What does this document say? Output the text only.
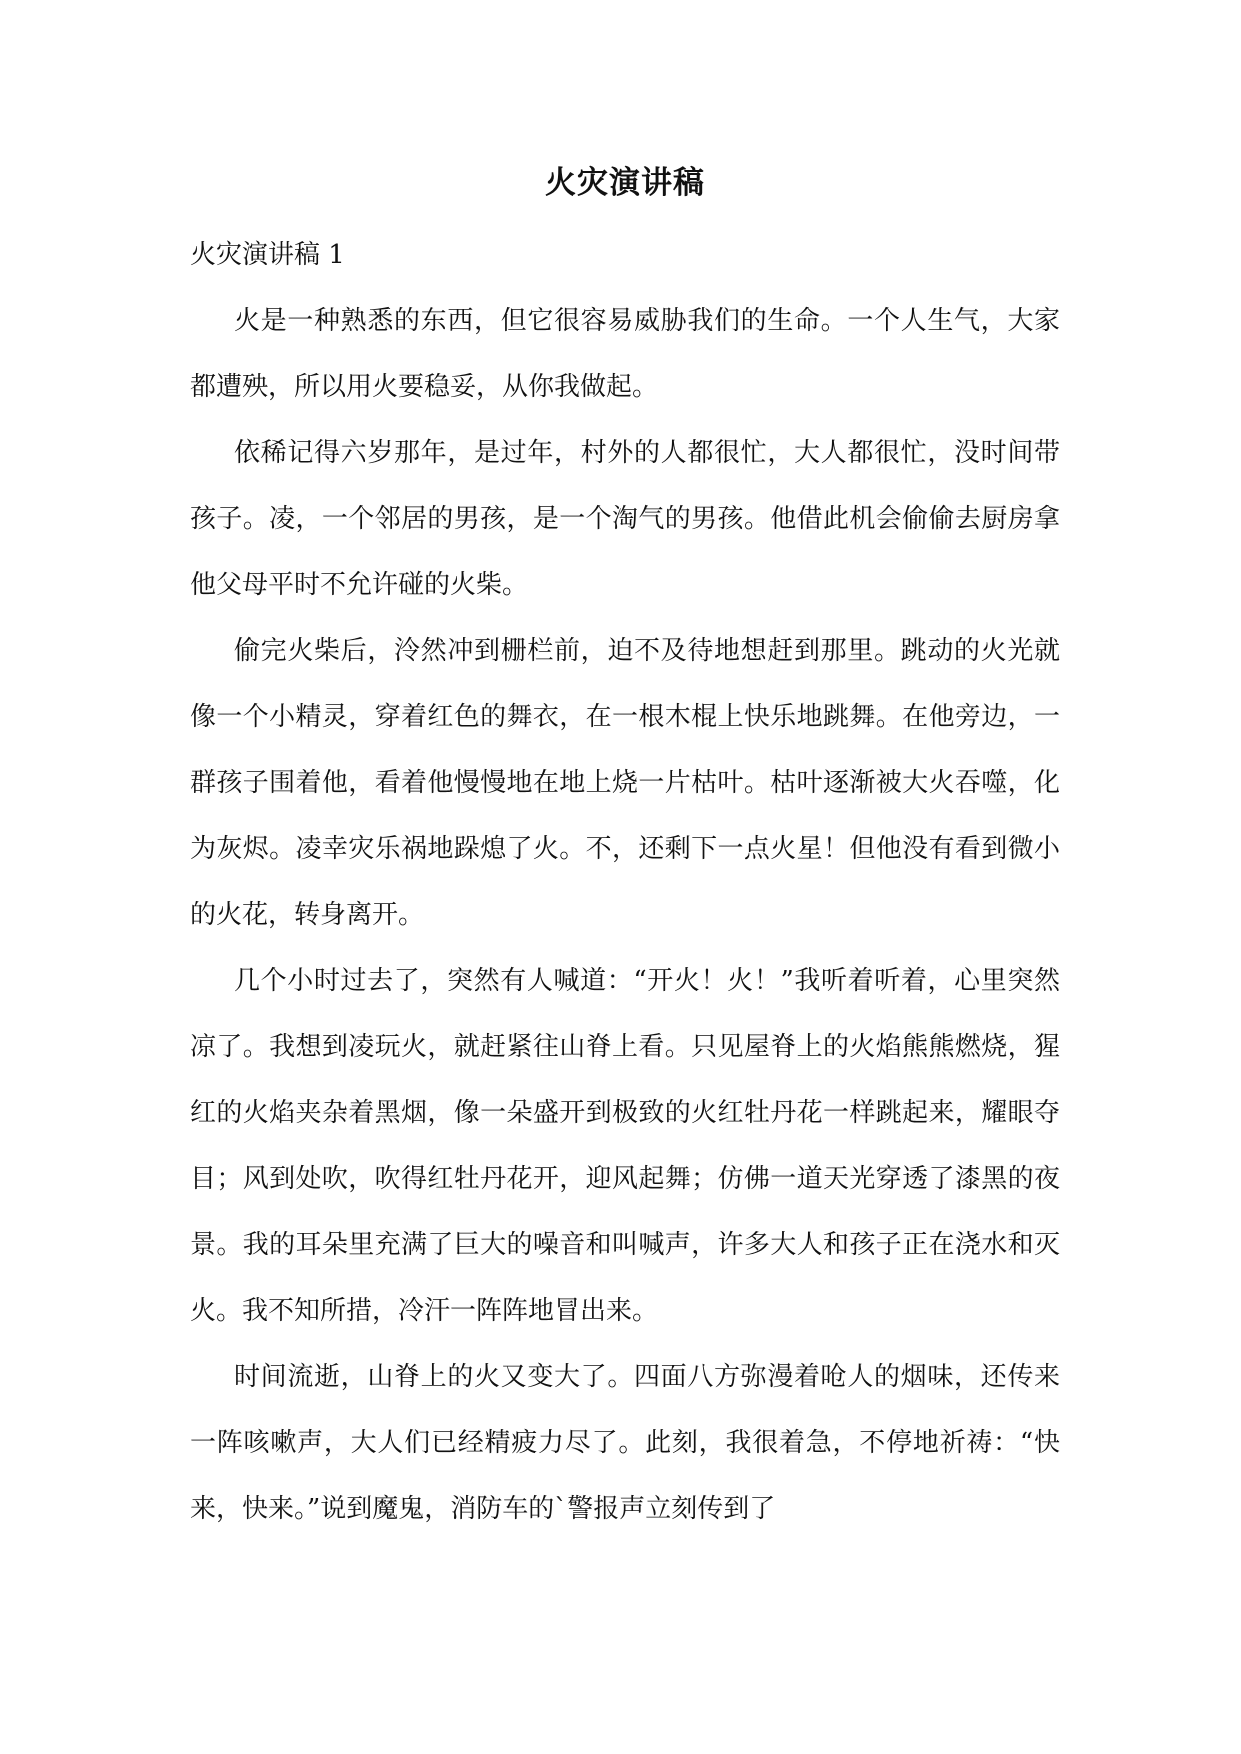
火灾演讲稿

火灾演讲稿 1

火是一种熟悉的东西，但它很容易威胁我们的生命。一个人生气，大家都遭殃，所以用火要稳妥，从你我做起。

依稀记得六岁那年，是过年，村外的人都很忙，大人都很忙，没时间带孩子。凌，一个邻居的男孩，是一个淘气的男孩。他借此机会偷偷去厨房拿他父母平时不允许碰的火柴。

偷完火柴后，泠然冲到栅栏前，迫不及待地想赶到那里。跳动的火光就像一个小精灵，穿着红色的舞衣，在一根木棍上快乐地跳舞。在他旁边，一群孩子围着他，看着他慢慢地在地上烧一片枯叶。枯叶逐渐被大火吞噬，化为灰烬。凌幸灾乐祸地跺熄了火。不，还剩下一点火星！但他没有看到微小的火花，转身离开。

几个小时过去了，突然有人喊道：“开火！火！”我听着听着，心里突然凉了。我想到凌玩火，就赶紧往山脊上看。只见屋脊上的火焰熊熊燃烧，猩红的火焰夹杂着黑烟，像一朵盛开到极致的火红牡丹花一样跳起来，耀眼夺目；风到处吹，吹得红牡丹花开，迎风起舞；仿佛一道天光穿透了漆黑的夜景。我的耳朵里充满了巨大的噪音和叫喊声，许多大人和孩子正在浇水和灭火。我不知所措，冷汗一阵阵地冒出来。

时间流逝，山脊上的火又变大了。四面八方弥漫着呛人的烟味，还传来一阵咳嗽声，大人们已经精疲力尽了。此刻，我很着急，不停地祈祷：“快来，快来。”说到魔鬼，消防车的`警报声立刻传到了
